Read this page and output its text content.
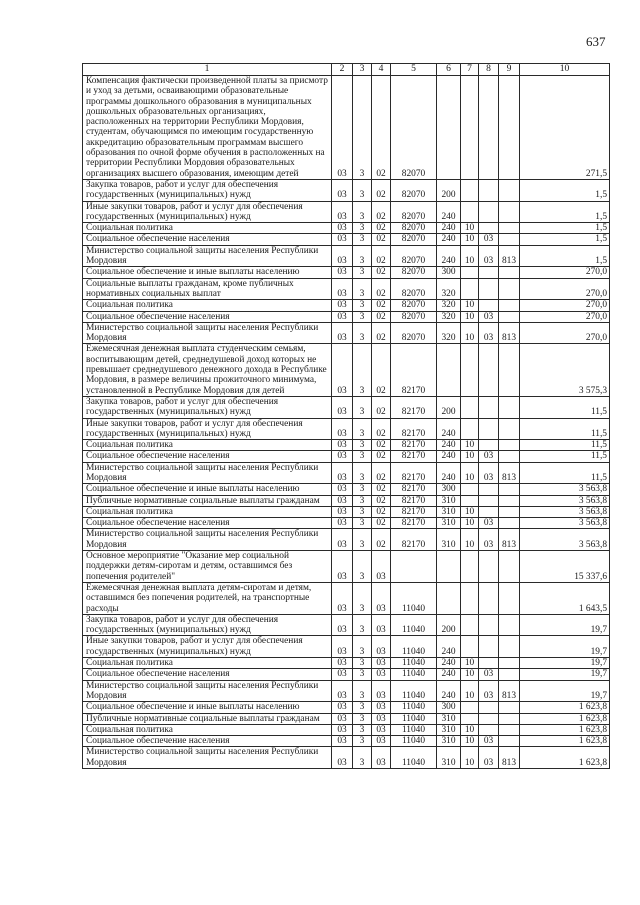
637
1	2	3	4	5	6	7	8	9	10
Компенсация фактически произведенной платы за присмотр и уход за детьми, осваивающими образовательные программы дошкольного образования в муниципальных дошкольных образовательных организациях, расположенных на территории Республики Мордовия, студентам, обучающимся по имеющим государственную аккредитацию образовательным программам высшего образования по очной форме обучения в расположенных на территории Республики Мордовия образовательных организациях высшего образования, имеющим детей	03	3	02	82070					271,5
Закупка товаров, работ и услуг для обеспечения государственных (муниципальных) нужд	03	3	02	82070	200				1,5
Иные закупки товаров, работ и услуг для обеспечения государственных (муниципальных) нужд	03	3	02	82070	240				1,5
Социальная политика	03	3	02	82070	240	10			1,5
Социальное обеспечение населения	03	3	02	82070	240	10	03		1,5
Министерство социальной защиты населения Республики Мордовия	03	3	02	82070	240	10	03	813	1,5
Социальное обеспечение и иные выплаты населению	03	3	02	82070	300				270,0
Социальные выплаты гражданам, кроме публичных нормативных социальных выплат	03	3	02	82070	320				270,0
Социальная политика	03	3	02	82070	320	10			270,0
Социальное обеспечение населения	03	3	02	82070	320	10	03		270,0
Министерство социальной защиты населения Республики Мордовия	03	3	02	82070	320	10	03	813	270,0
Ежемесячная денежная выплата студенческим семьям, воспитывающим детей, среднедушевой доход которых не превышает среднедушевого денежного дохода в Республике Мордовия, в размере величины прожиточного минимума, установленной в Республике Мордовия для детей	03	3	02	82170					3 575,3
Закупка товаров, работ и услуг для обеспечения государственных (муниципальных) нужд	03	3	02	82170	200				11,5
Иные закупки товаров, работ и услуг для обеспечения государственных (муниципальных) нужд	03	3	02	82170	240				11,5
Социальная политика	03	3	02	82170	240	10			11,5
Социальное обеспечение населения	03	3	02	82170	240	10	03		11,5
Министерство социальной защиты населения Республики Мордовия	03	3	02	82170	240	10	03	813	11,5
Социальное обеспечение и иные выплаты населению	03	3	02	82170	300				3 563,8
Публичные нормативные социальные выплаты гражданам	03	3	02	82170	310				3 563,8
Социальная политика	03	3	02	82170	310	10			3 563,8
Социальное обеспечение населения	03	3	02	82170	310	10	03		3 563,8
Министерство социальной защиты населения Республики Мордовия	03	3	02	82170	310	10	03	813	3 563,8
Основное мероприятие "Оказание мер социальной поддержки детям-сиротам и детям, оставшимся без попечения родителей"	03	3	03						15 337,6
Ежемесячная денежная выплата детям-сиротам и детям, оставшимся без попечения родителей, на транспортные расходы	03	3	03	11040					1 643,5
Закупка товаров, работ и услуг для обеспечения государственных (муниципальных) нужд	03	3	03	11040	200				19,7
Иные закупки товаров, работ и услуг для обеспечения государственных (муниципальных) нужд	03	3	03	11040	240				19,7
Социальная политика	03	3	03	11040	240	10			19,7
Социальное обеспечение населения	03	3	03	11040	240	10	03		19,7
Министерство социальной защиты населения Республики Мордовия	03	3	03	11040	240	10	03	813	19,7
Социальное обеспечение и иные выплаты населению	03	3	03	11040	300				1 623,8
Публичные нормативные социальные выплаты гражданам	03	3	03	11040	310				1 623,8
Социальная политика	03	3	03	11040	310	10			1 623,8
Социальное обеспечение населения	03	3	03	11040	310	10	03		1 623,8
Министерство социальной защиты населения Республики Мордовия	03	3	03	11040	310	10	03	813	1 623,8
